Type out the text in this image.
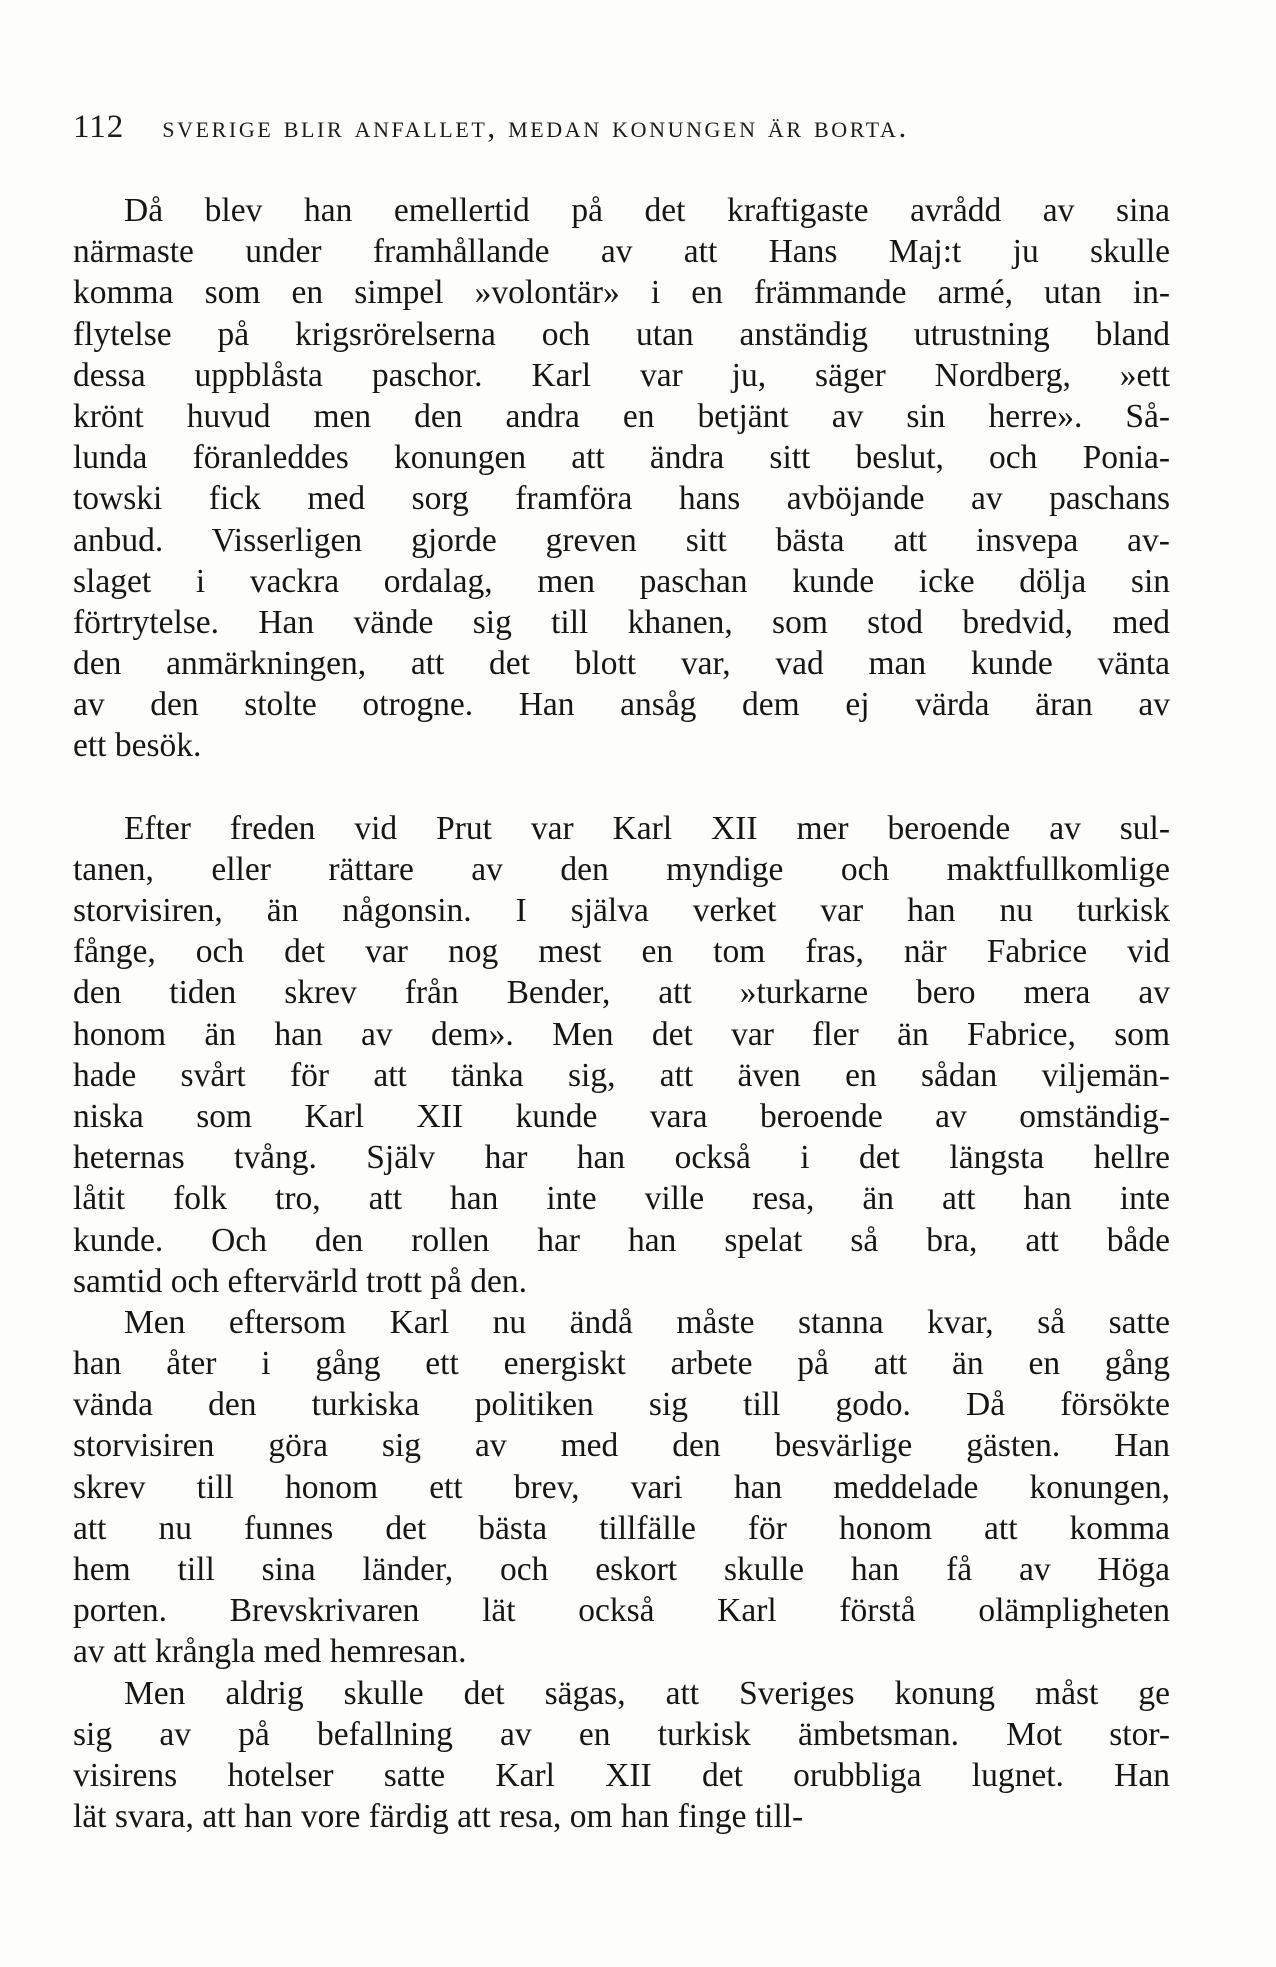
112 sverige blir anfallet, medan konungen är borta.
Då blev han emellertid på det kraftigaste avrådd av sina
närmaste under framhållande av att Hans Maj:t ju skulle
komma som en simpel »volontär» i en främmande armé, utan in-
flytelse på krigsrörelserna och utan anständig utrustning bland
dessa uppblåsta paschor. Karl var ju, säger Nordberg, »ett
krönt huvud men den andra en betjänt av sin herre». Så-
lunda föranleddes konungen att ändra sitt beslut, och Ponia-
towski fick med sorg framföra hans avböjande av paschans
anbud. Visserligen gjorde greven sitt bästa att insvepa av-
slaget i vackra ordalag, men paschan kunde icke dölja sin
förtrytelse. Han vände sig till khanen, som stod bredvid, med
den anmärkningen, att det blott var, vad man kunde vänta
av den stolte otrogne. Han ansåg dem ej värda äran av
ett besök.
Efter freden vid Prut var Karl XII mer beroende av sul-
tanen, eller rättare av den myndige och maktfullkomlige
storvisiren, än någonsin. I själva verket var han nu turkisk
fånge, och det var nog mest en tom fras, när Fabrice vid
den tiden skrev från Bender, att »turkarne bero mera av
honom än han av dem». Men det var fler än Fabrice, som
hade svårt för att tänka sig, att även en sådan viljemän-
niska som Karl XII kunde vara beroende av omständig-
heternas tvång. Själv har han också i det längsta hellre
låtit folk tro, att han inte ville resa, än att han inte
kunde. Och den rollen har han spelat så bra, att både
samtid och eftervärld trott på den.
Men eftersom Karl nu ändå måste stanna kvar, så satte
han åter i gång ett energiskt arbete på att än en gång
vända den turkiska politiken sig till godo. Då försökte
storvisiren göra sig av med den besvärlige gästen. Han
skrev till honom ett brev, vari han meddelade konungen,
att nu funnes det bästa tillfälle för honom att komma
hem till sina länder, och eskort skulle han få av Höga
porten. Brevskrivaren lät också Karl förstå olämpligheten
av att krångla med hemresan.
Men aldrig skulle det sägas, att Sveriges konung måst ge
sig av på befallning av en turkisk ämbetsman. Mot stor-
visirens hotelser satte Karl XII det orubbliga lugnet. Han
lät svara, att han vore färdig att resa, om han finge till-
